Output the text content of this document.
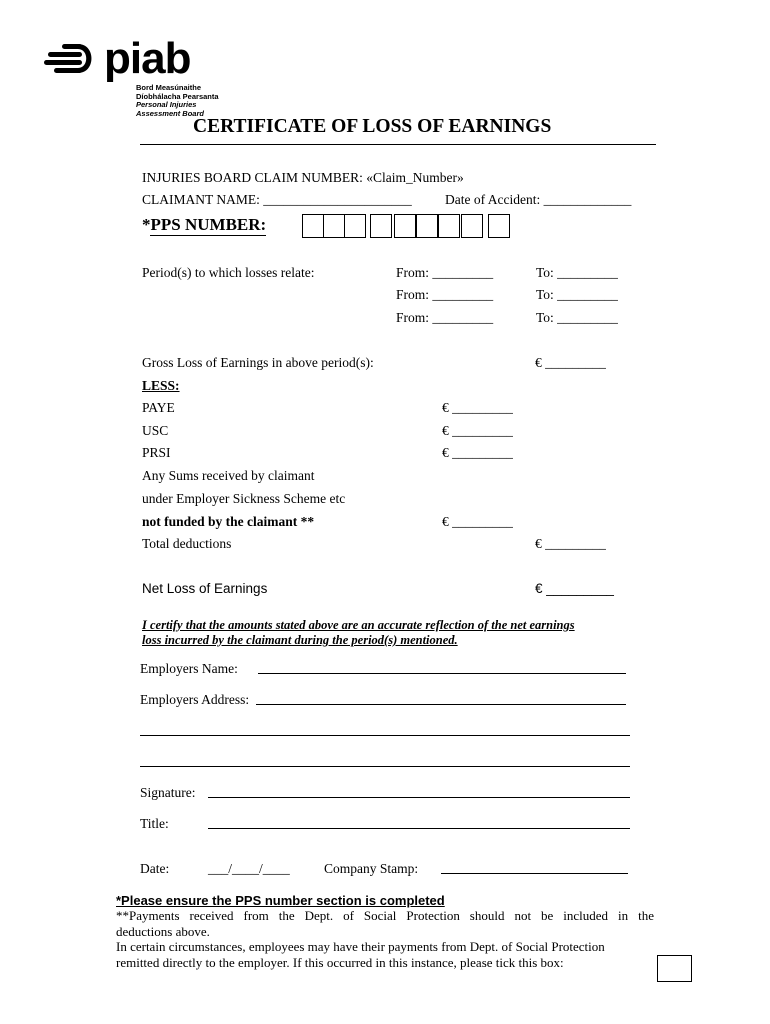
piab
Bord Measúnaithe
Díobhálacha Pearsanta
Personal Injuries
Assessment Board
CERTIFICATE OF LOSS OF EARNINGS
INJURIES BOARD CLAIM NUMBER: «Claim_Number»
CLAIMANT NAME: ______________________ Date of Accident: _____________
*PPS NUMBER:
Period(s) to which losses relate:	From: _________	To: _________
From: _________	To: _________
From: _________	To: _________
Gross Loss of Earnings in above period(s):	€ _________
LESS:
PAYE	€ _________
USC	€ _________
PRSI	€ _________
Any Sums received by claimant
under Employer Sickness Scheme etc
not funded by the claimant **	€ _________
Total deductions	€ _________
Net Loss of Earnings	€ _________
I certify that the amounts stated above are an accurate reflection of the net earnings
loss incurred by the claimant during the period(s) mentioned.
Employers Name:
Employers Address:
Signature:
Title:
Date:	___/____/____	Company Stamp:
*Please ensure the PPS number section is completed
**Payments received from the Dept. of Social Protection should not be included in the
deductions above.
In certain circumstances, employees may have their payments from Dept. of Social Protection
remitted directly to the employer. If this occurred in this instance, please tick this box:
